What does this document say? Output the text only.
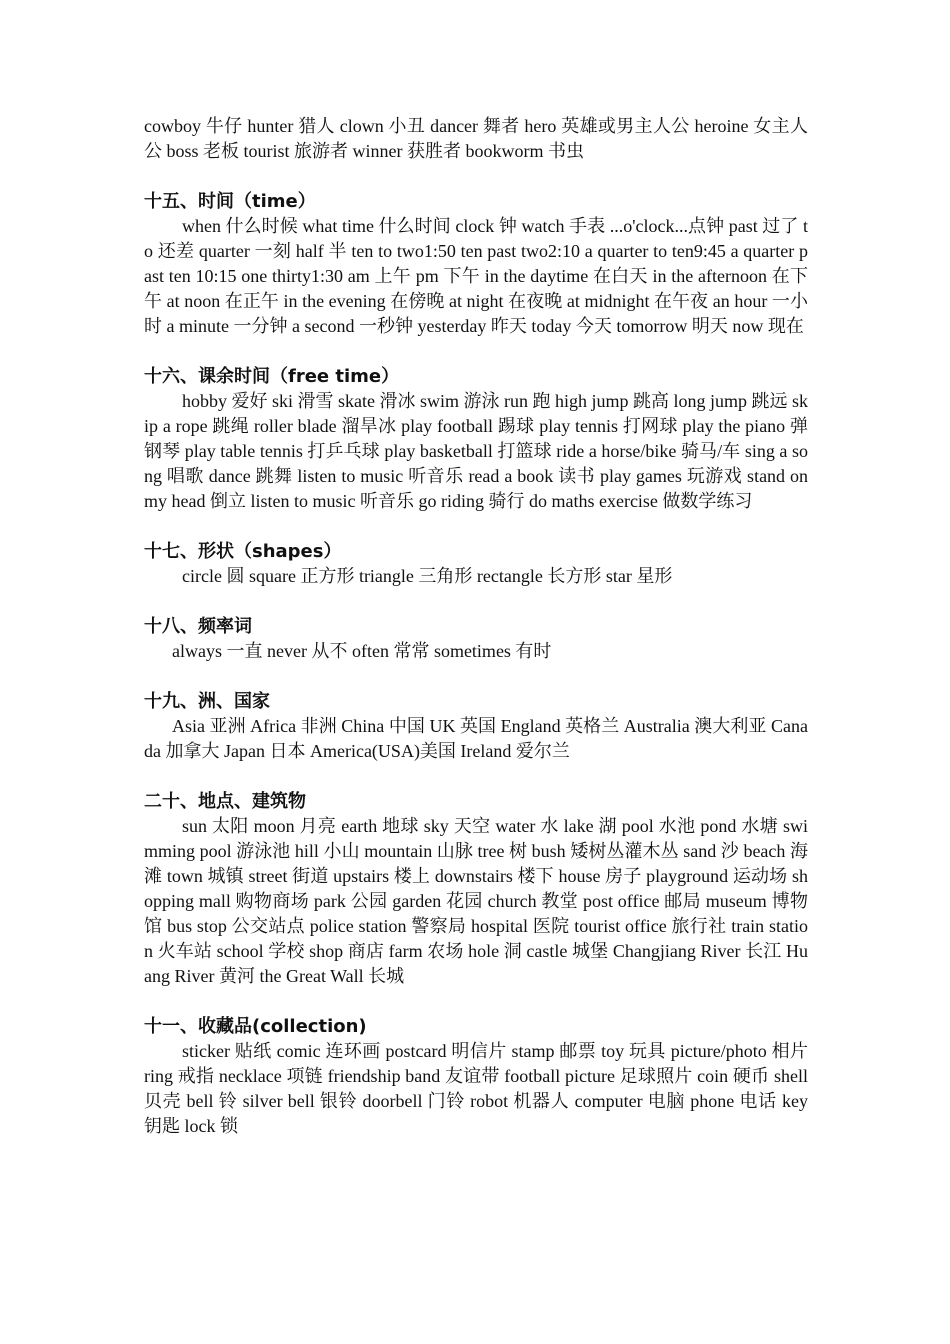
cowboy 牛仔 hunter 猎人 clown 小丑 dancer 舞者 hero 英雄或男主人公 heroine 女主人公 boss 老板 tourist 旅游者 winner 获胜者 bookworm 书虫

十五、时间（time）

when 什么时候 what time 什么时间 clock 钟 watch 手表 ...o'clock...点钟 past 过了 to 还差 quarter 一刻 half 半 ten to two1:50 ten past two2:10 a quarter to ten9:45 a quarter past ten 10:15 one thirty1:30 am 上午 pm 下午 in the daytime 在白天 in the afternoon 在下午 at noon 在正午 in the evening 在傍晚 at night 在夜晚 at midnight 在午夜 an hour 一小时 a minute 一分钟 a second 一秒钟 yesterday 昨天 today 今天 tomorrow 明天 now 现在

十六、课余时间（free time）

hobby 爱好 ski 滑雪 skate 滑冰 swim 游泳 run 跑 high jump 跳高 long jump 跳远 skip a rope 跳绳 roller blade 溜旱冰 play football 踢球 play tennis 打网球 play the piano 弹钢琴 play table tennis 打乒乓球 play basketball 打篮球 ride a horse/bike 骑马/车 sing a song 唱歌 dance 跳舞 listen to music 听音乐 read a book 读书 play games 玩游戏 stand on my head 倒立 listen to music 听音乐 go riding 骑行 do maths exercise 做数学练习

十七、形状（shapes）

circle 圆 square 正方形 triangle 三角形 rectangle 长方形 star 星形

十八、频率词

always 一直 never 从不 often 常常 sometimes 有时

十九、洲、国家

Asia 亚洲 Africa 非洲 China 中国 UK 英国 England 英格兰 Australia 澳大利亚 Canada 加拿大 Japan 日本 America(USA)美国 Ireland 爱尔兰

二十、地点、建筑物

sun 太阳 moon 月亮 earth 地球 sky 天空 water 水 lake 湖 pool 水池 pond 水塘 swimming pool 游泳池 hill 小山 mountain 山脉 tree 树 bush 矮树丛灌木丛 sand 沙 beach 海滩 town 城镇 street 街道 upstairs 楼上 downstairs 楼下 house 房子 playground 运动场 shopping mall 购物商场 park 公园 garden 花园 church 教堂 post office 邮局 museum 博物馆 bus stop 公交站点 police station 警察局 hospital 医院 tourist office 旅行社 train station 火车站 school 学校 shop 商店 farm 农场 hole 洞 castle 城堡 Changjiang River 长江 Huang River 黄河 the Great Wall 长城

十一、收藏品(collection)

sticker 贴纸 comic 连环画 postcard 明信片 stamp 邮票 toy 玩具 picture/photo 相片 ring 戒指 necklace 项链 friendship band 友谊带 football picture 足球照片 coin 硬币 shell 贝壳 bell 铃 silver bell 银铃 doorbell 门铃 robot 机器人 computer 电脑 phone 电话 key 钥匙 lock 锁
